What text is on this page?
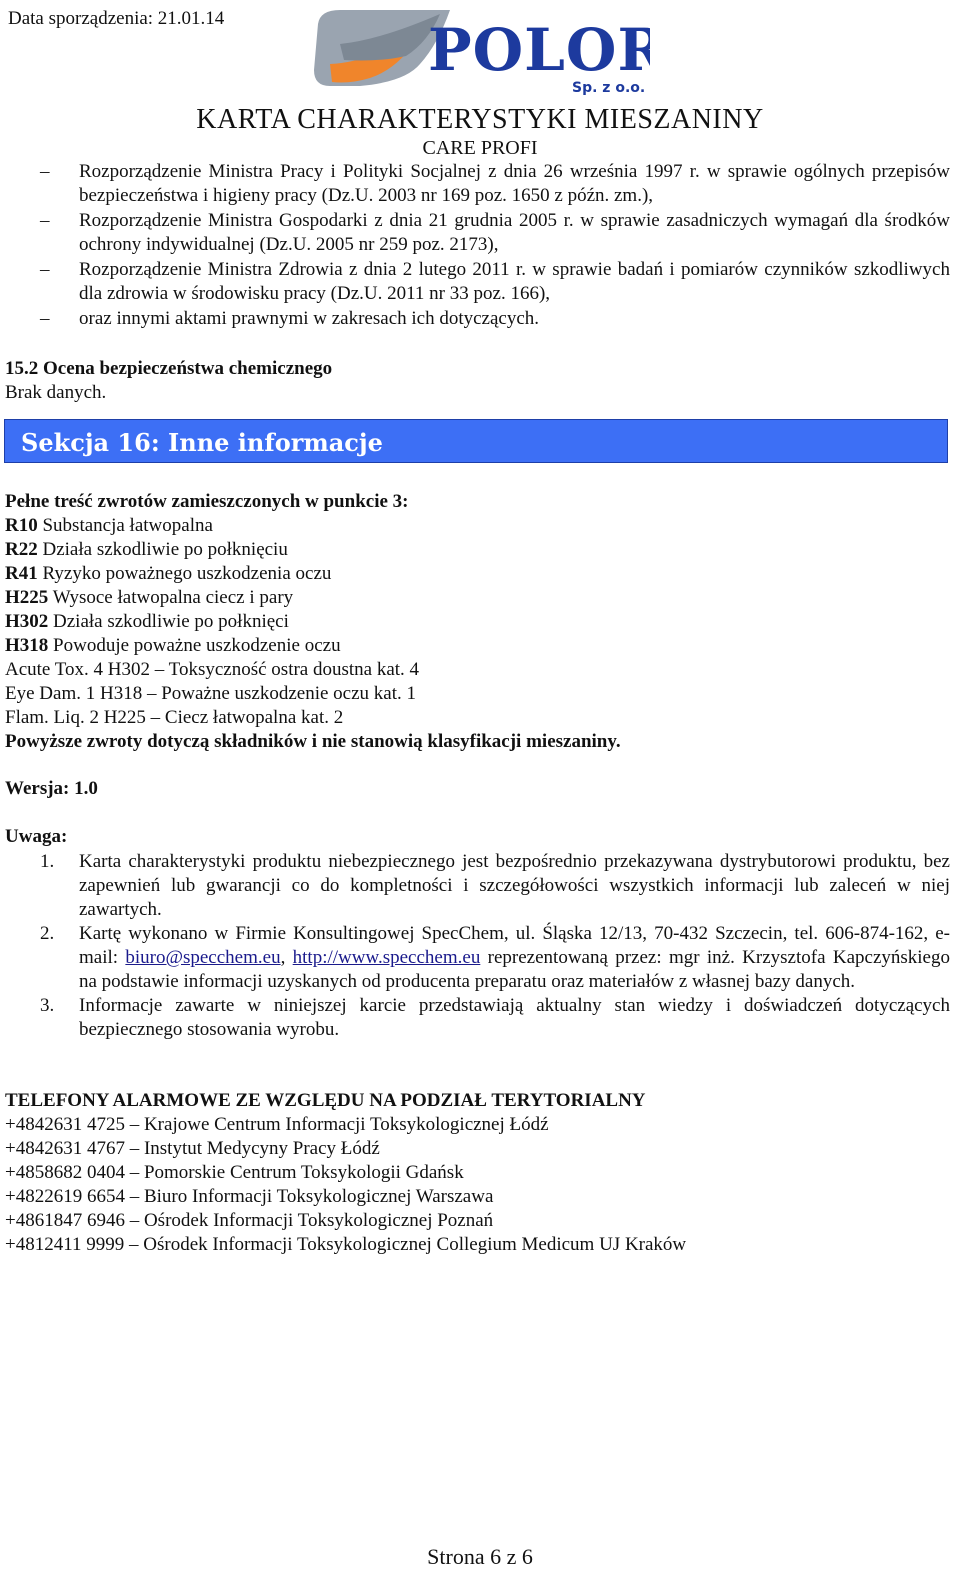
Data sporządzenia: 21.01.14	POLOR
Sp. z o.o.
KARTA CHARAKTERYSTYKI MIESZANINY
CARE PROFI
– Rozporządzenie Ministra Pracy i Polityki Socjalnej z dnia 26 września 1997 r. w sprawie ogólnych przepisów bezpieczeństwa i higieny pracy (Dz.U. 2003 nr 169 poz. 1650 z późn. zm.),
– Rozporządzenie Ministra Gospodarki z dnia 21 grudnia 2005 r. w sprawie zasadniczych wymagań dla środków ochrony indywidualnej (Dz.U. 2005 nr 259 poz. 2173),
– Rozporządzenie Ministra Zdrowia z dnia 2 lutego 2011 r. w sprawie badań i pomiarów czynników szkodliwych dla zdrowia w środowisku pracy (Dz.U. 2011 nr 33 poz. 166),
– oraz innymi aktami prawnymi w zakresach ich dotyczących.
15.2 Ocena bezpieczeństwa chemicznego
Brak danych.
Sekcja 16: Inne informacje
Pełne treść zwrotów zamieszczonych w punkcie 3:
R10 Substancja łatwopalna
R22 Działa szkodliwie po połknięciu
R41 Ryzyko poważnego uszkodzenia oczu
H225 Wysoce łatwopalna ciecz i pary
H302 Działa szkodliwie po połknięci
H318 Powoduje poważne uszkodzenie oczu
Acute Tox. 4 H302 – Toksyczność ostra doustna kat. 4
Eye Dam. 1 H318 – Poważne uszkodzenie oczu kat. 1
Flam. Liq. 2 H225 – Ciecz łatwopalna kat. 2
Powyższe zwroty dotyczą składników i nie stanowią klasyfikacji mieszaniny.
Wersja: 1.0
Uwaga:
1. Karta charakterystyki produktu niebezpiecznego jest bezpośrednio przekazywana dystrybutorowi produktu, bez zapewnień lub gwarancji co do kompletności i szczegółowości wszystkich informacji lub zaleceń w niej zawartych.
2. Kartę wykonano w Firmie Konsultingowej SpecChem, ul. Śląska 12/13, 70-432 Szczecin, tel. 606-874-162, e-mail: biuro@specchem.eu, http://www.specchem.eu reprezentowaną przez: mgr inż. Krzysztofa Kapczyńskiego na podstawie informacji uzyskanych od producenta preparatu oraz materiałów z własnej bazy danych.
3. Informacje zawarte w niniejszej karcie przedstawiają aktualny stan wiedzy i doświadczeń dotyczących bezpiecznego stosowania wyrobu.
TELEFONY ALARMOWE ZE WZGLĘDU NA PODZIAŁ TERYTORIALNY
+4842631 4725 – Krajowe Centrum Informacji Toksykologicznej Łódź
+4842631 4767 – Instytut Medycyny Pracy Łódź
+4858682 0404 – Pomorskie Centrum Toksykologii Gdańsk
+4822619 6654 – Biuro Informacji Toksykologicznej Warszawa
+4861847 6946 – Ośrodek Informacji Toksykologicznej Poznań
+4812411 9999 – Ośrodek Informacji Toksykologicznej Collegium Medicum UJ Kraków
Strona 6 z 6
